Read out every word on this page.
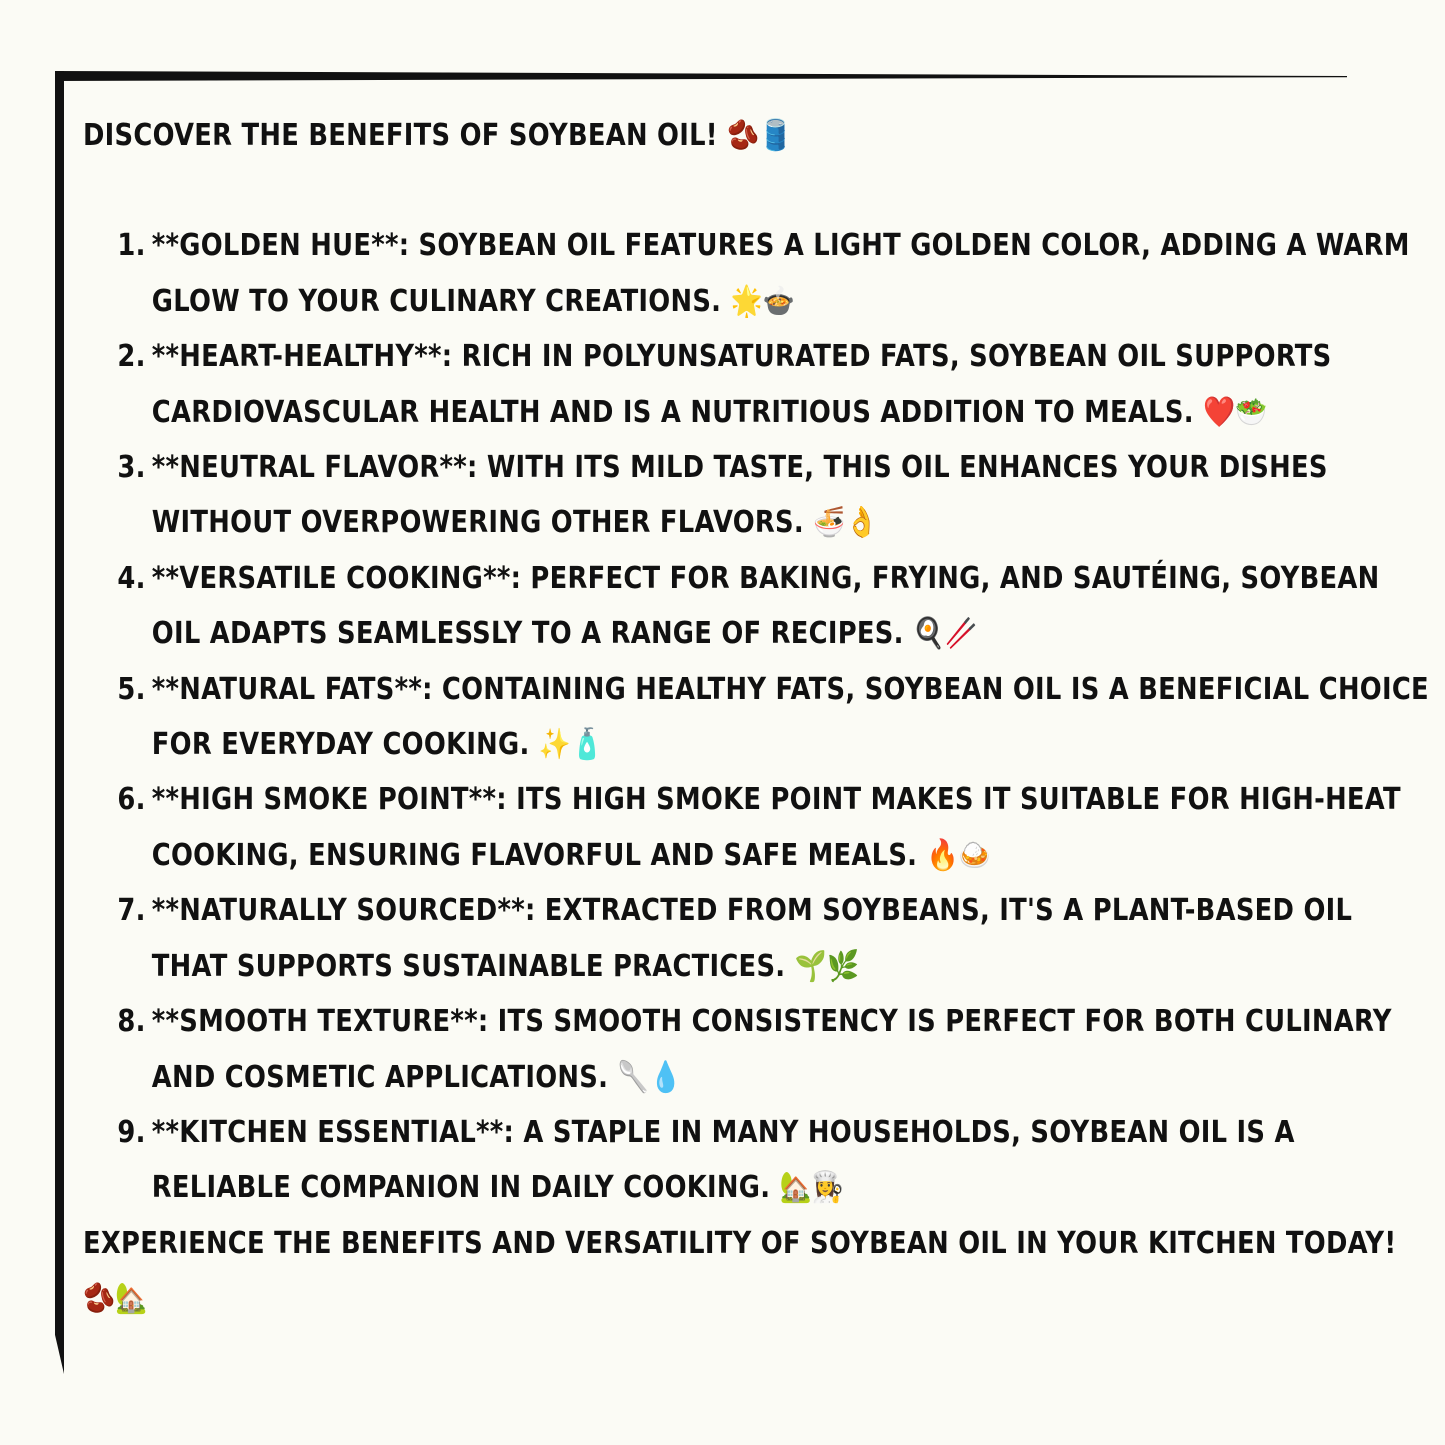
DISCOVER THE BENEFITS OF SOYBEAN OIL! 🫘🛢️

1. **GOLDEN HUE**: SOYBEAN OIL FEATURES A LIGHT GOLDEN COLOR, ADDING A WARM GLOW TO YOUR CULINARY CREATIONS. 🌟🍲
2. **HEART-HEALTHY**: RICH IN POLYUNSATURATED FATS, SOYBEAN OIL SUPPORTS CARDIOVASCULAR HEALTH AND IS A NUTRITIOUS ADDITION TO MEALS. ❤️🥗
3. **NEUTRAL FLAVOR**: WITH ITS MILD TASTE, THIS OIL ENHANCES YOUR DISHES WITHOUT OVERPOWERING OTHER FLAVORS. 🍜👌
4. **VERSATILE COOKING**: PERFECT FOR BAKING, FRYING, AND SAUTÉING, SOYBEAN OIL ADAPTS SEAMLESSLY TO A RANGE OF RECIPES. 🍳🥢
5. **NATURAL FATS**: CONTAINING HEALTHY FATS, SOYBEAN OIL IS A BENEFICIAL CHOICE FOR EVERYDAY COOKING. ✨🧴
6. **HIGH SMOKE POINT**: ITS HIGH SMOKE POINT MAKES IT SUITABLE FOR HIGH-HEAT COOKING, ENSURING FLAVORFUL AND SAFE MEALS. 🔥🍛
7. **NATURALLY SOURCED**: EXTRACTED FROM SOYBEANS, IT'S A PLANT-BASED OIL THAT SUPPORTS SUSTAINABLE PRACTICES. 🌱🌿
8. **SMOOTH TEXTURE**: ITS SMOOTH CONSISTENCY IS PERFECT FOR BOTH CULINARY AND COSMETIC APPLICATIONS. 🥄💧
9. **KITCHEN ESSENTIAL**: A STAPLE IN MANY HOUSEHOLDS, SOYBEAN OIL IS A RELIABLE COMPANION IN DAILY COOKING. 🏡👩‍🍳

EXPERIENCE THE BENEFITS AND VERSATILITY OF SOYBEAN OIL IN YOUR KITCHEN TODAY! 🫘🏡
